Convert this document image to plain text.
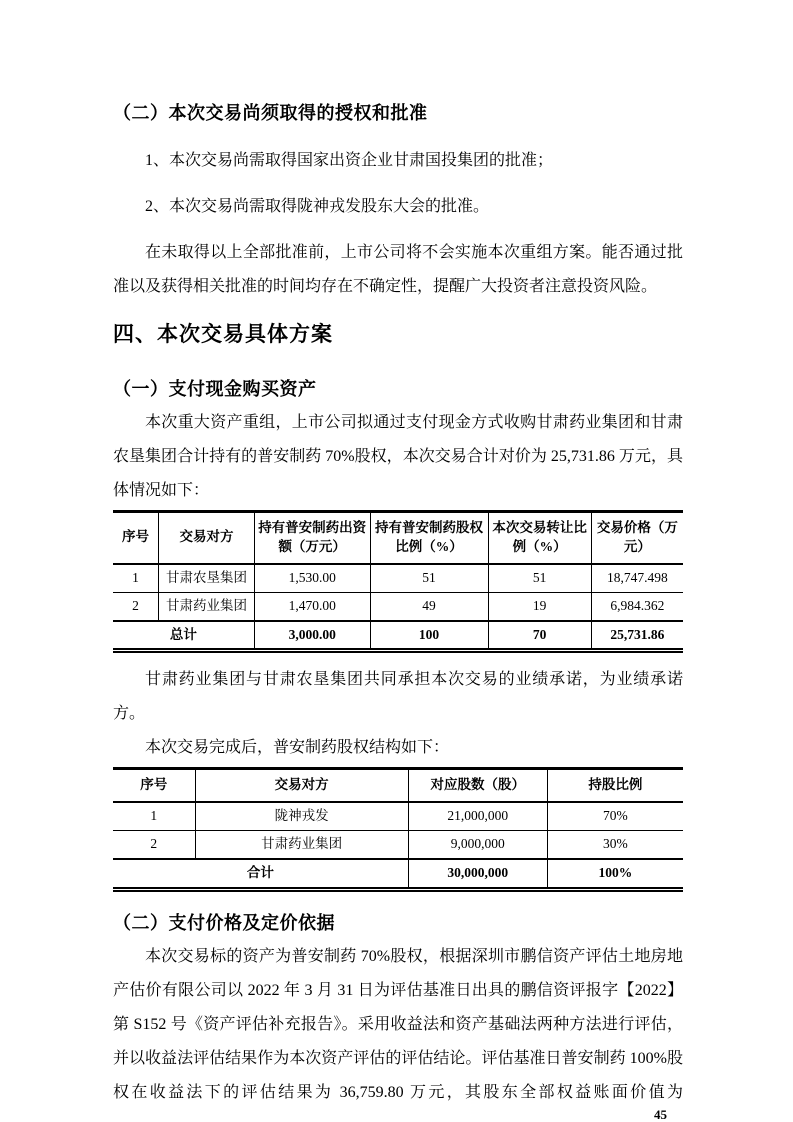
（二）本次交易尚须取得的授权和批准

1、本次交易尚需取得国家出资企业甘肃国投集团的批准；

2、本次交易尚需取得陇神戎发股东大会的批准。

在未取得以上全部批准前，上市公司将不会实施本次重组方案。能否通过批准以及获得相关批准的时间均存在不确定性，提醒广大投资者注意投资风险。

四、本次交易具体方案
（一）支付现金购买资产

本次重大资产重组，上市公司拟通过支付现金方式收购甘肃药业集团和甘肃农垦集团合计持有的普安制药 70%股权，本次交易合计对价为 25,731.86 万元，具体情况如下：

序号	交易对方	持有普安制药出资额（万元）	持有普安制药股权比例（%）	本次交易转让比例（%）	交易价格（万元）
1	甘肃农垦集团	1,530.00	51	51	18,747.498
2	甘肃药业集团	1,470.00	49	19	6,984.362
总计		3,000.00	100	70	25,731.86

甘肃药业集团与甘肃农垦集团共同承担本次交易的业绩承诺，为业绩承诺方。

本次交易完成后，普安制药股权结构如下：

序号	交易对方	对应股数（股）	持股比例
1	陇神戎发	21,000,000	70%
2	甘肃药业集团	9,000,000	30%
合计		30,000,000	100%
（二）支付价格及定价依据

本次交易标的资产为普安制药 70%股权，根据深圳市鹏信资产评估土地房地产估价有限公司以 2022 年 3 月 31 日为评估基准日出具的鹏信资评报字【2022】第 S152 号《资产评估补充报告》。采用收益法和资产基础法两种方法进行评估，并以收益法评估结果作为本次资产评估的评估结论。评估基准日普安制药 100%股权在收益法下的评估结果为 36,759.80 万元，其股东全部权益账面价值为

45
